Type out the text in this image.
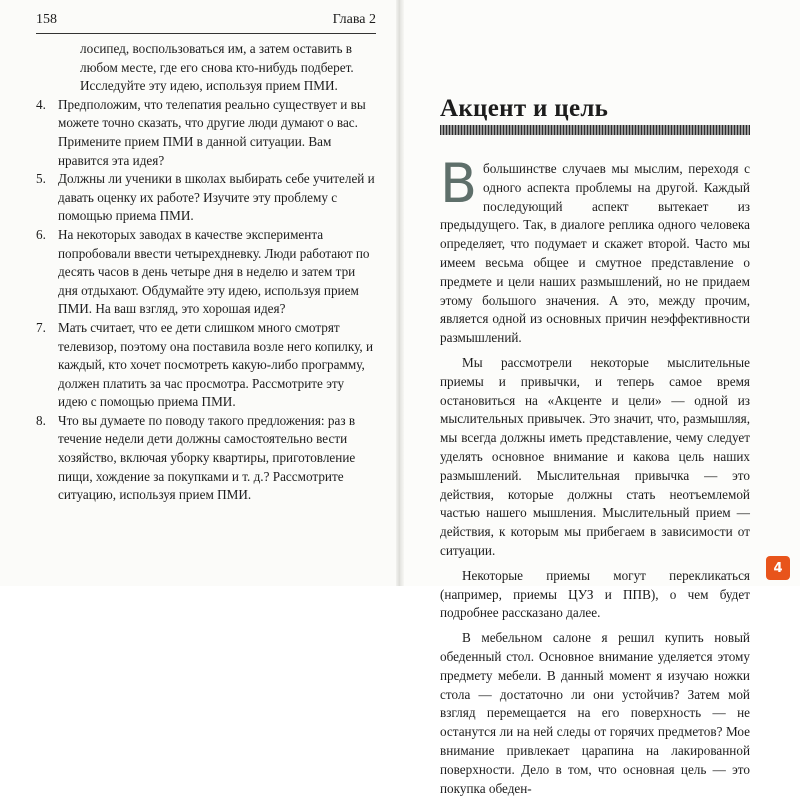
158	Глава 2
лосипед, воспользоваться им, а затем оставить в любом месте, где его снова кто-нибудь подберет. Исследуйте эту идею, используя прием ПМИ.
4. Предположим, что телепатия реально существует и вы можете точно сказать, что другие люди думают о вас. Примените прием ПМИ в данной ситуации. Вам нравится эта идея?
5. Должны ли ученики в школах выбирать себе учителей и давать оценку их работе? Изучите эту проблему с помощью приема ПМИ.
6. На некоторых заводах в качестве эксперимента попробовали ввести четырехдневку. Люди работают по десять часов в день четыре дня в неделю и затем три дня отдыхают. Обдумайте эту идею, используя прием ПМИ. На ваш взгляд, это хорошая идея?
7. Мать считает, что ее дети слишком много смотрят телевизор, поэтому она поставила возле него копилку, и каждый, кто хочет посмотреть какую-либо программу, должен платить за час просмотра. Рассмотрите эту идею с помощью приема ПМИ.
8. Что вы думаете по поводу такого предложения: раз в течение недели дети должны самостоятельно вести хозяйство, включая уборку квартиры, приготовление пищи, хождение за покупками и т. д.? Рассмотрите ситуацию, используя прием ПМИ.
Акцент и цель

Вбольшинстве случаев мы мыслим, переходя с одного аспекта проблемы на другой. Каждый последующий аспект вытекает из предыдущего. Так, в диалоге реплика одного человека определяет, что подумает и скажет второй. Часто мы имеем весьма общее и смутное представление о предмете и цели наших размышлений, но не придаем этому большого значения. А это, между прочим, является одной из основных причин неэффективности размышлений.

Мы рассмотрели некоторые мыслительные приемы и привычки, и теперь самое время остановиться на «Акценте и цели» — одной из мыслительных привычек. Это значит, что, размышляя, мы всегда должны иметь представление, чему следует уделять основное внимание и какова цель наших размышлений. Мыслительная привычка — это действия, которые должны стать неотъемлемой частью нашего мышления. Мыслительный прием — действия, к которым мы прибегаем в зависимости от ситуации.

Некоторые приемы могут перекликаться (например, приемы ЦУЗ и ППВ), о чем будет подробнее рассказано далее.

В мебельном салоне я решил купить новый обеденный стол. Основное внимание уделяется этому предмету мебели. В данный момент я изучаю ножки стола — достаточно ли они устойчив? Затем мой взгляд перемещается на его поверхность — не останутся ли на ней следы от горячих предметов? Мое внимание привлекает царапина на лакированной поверхности. Дело в том, что основная цель — это покупка обеден-

4
